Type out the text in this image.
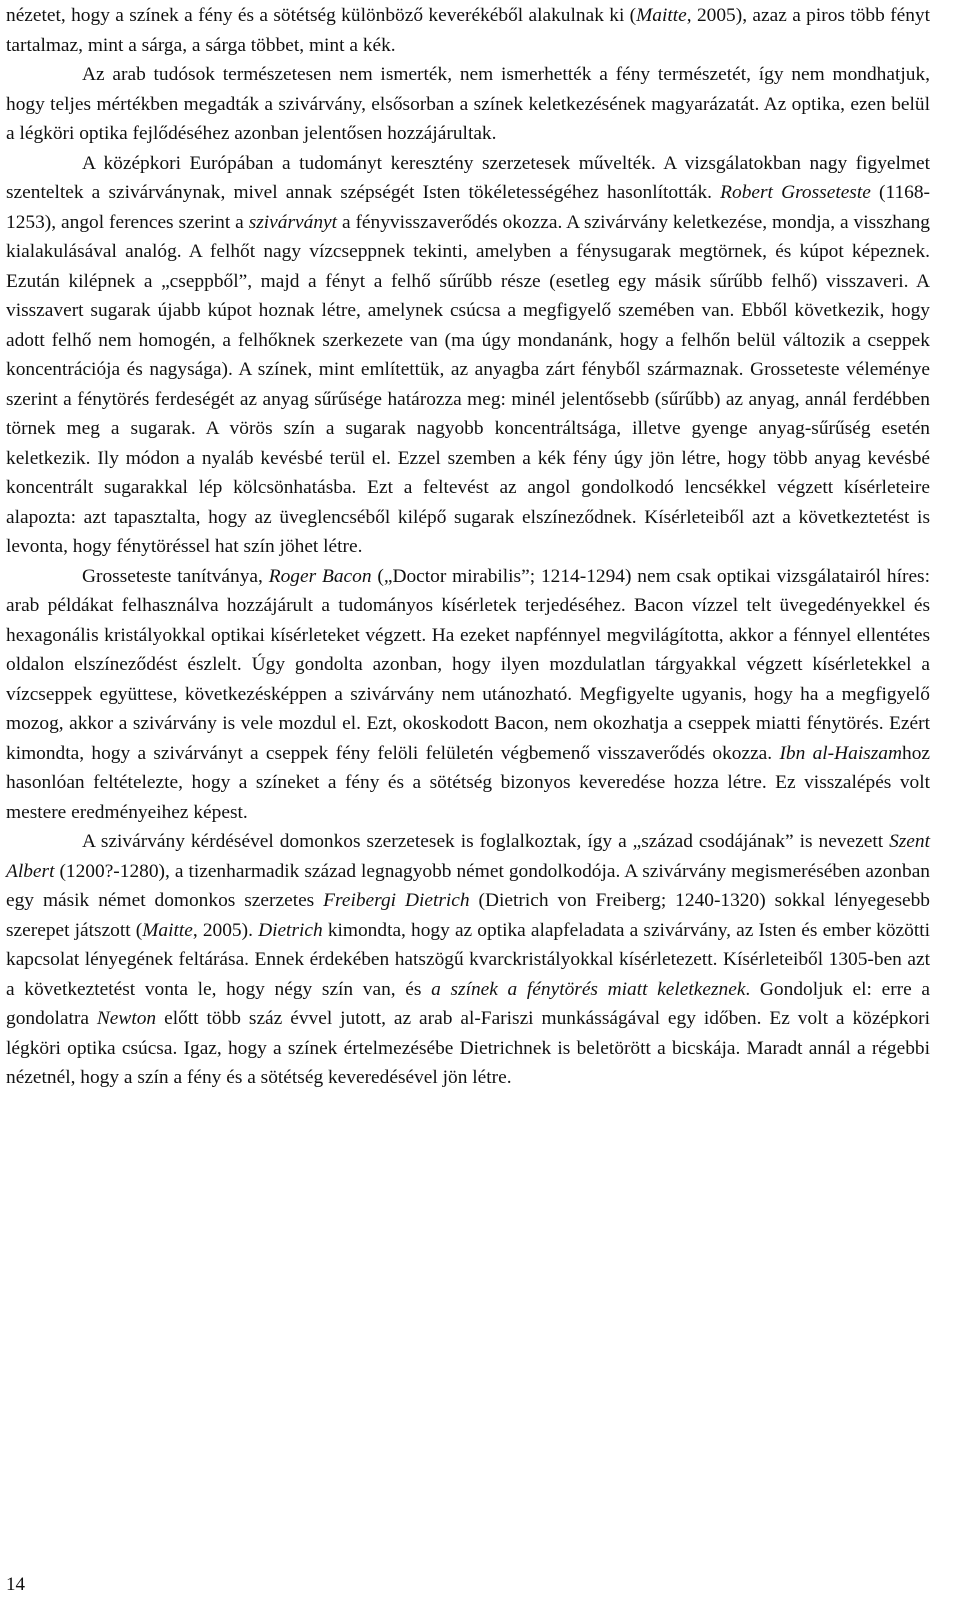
nézetet, hogy a színek a fény és a sötétség különböző keverékéből alakulnak ki (Maitte, 2005), azaz a piros több fényt tartalmaz, mint a sárga, a sárga többet, mint a kék.

Az arab tudósok természetesen nem ismerték, nem ismerhették a fény természetét, így nem mondhatjuk, hogy teljes mértékben megadták a szivárvány, elsősorban a színek keletkezésének magyarázatát. Az optika, ezen belül a légköri optika fejlődéséhez azonban jelentősen hozzájárultak.

A középkori Európában a tudományt keresztény szerzetesek művelték. A vizsgálatokban nagy figyelmet szenteltek a szivárványnak, mivel annak szépségét Isten tökéletességéhez hasonlították. Robert Grosseteste (1168-1253), angol ferences szerint a szivárványt a fényvisszaverődés okozza. A szivárvány keletkezése, mondja, a visszhang kialakulásával analóg. A felhőt nagy vízcseppnek tekinti, amelyben a fénysugarak megtörnek, és kúpot képeznek. Ezután kilépnek a „cseppből”, majd a fényt a felhő sűrűbb része (esetleg egy másik sűrűbb felhő) visszaveri. A visszavert sugarak újabb kúpot hoznak létre, amelynek csúcsa a megfigyelő szemében van. Ebből következik, hogy adott felhő nem homogén, a felhőknek szerkezete van (ma úgy mondanánk, hogy a felhőn belül változik a cseppek koncentrációja és nagysága). A színek, mint említettük, az anyagba zárt fényből származnak. Grosseteste véleménye szerint a fénytörés ferdeségét az anyag sűrűsége határozza meg: minél jelentősebb (sűrűbb) az anyag, annál ferdébben törnek meg a sugarak. A vörös szín a sugarak nagyobb koncentráltsága, illetve gyenge anyag-sűrűség esetén keletkezik. Ily módon a nyaláb kevésbé terül el. Ezzel szemben a kék fény úgy jön létre, hogy több anyag kevésbé koncentrált sugarakkal lép kölcsönhatásba. Ezt a feltevést az angol gondolkodó lencsékkel végzett kísérleteire alapozta: azt tapasztalta, hogy az üveglencséből kilépő sugarak elszíneződnek. Kísérleteiből azt a következtetést is levonta, hogy fénytöréssel hat szín jöhet létre.

Grosseteste tanítványa, Roger Bacon („Doctor mirabilis”; 1214-1294) nem csak optikai vizsgálatairól híres: arab példákat felhasználva hozzájárult a tudományos kísérletek terjedéséhez. Bacon vízzel telt üvegedényekkel és hexagonális kristályokkal optikai kísérleteket végzett. Ha ezeket napfénnyel megvilágította, akkor a fénnyel ellentétes oldalon elszíneződést észlelt. Úgy gondolta azonban, hogy ilyen mozdulatlan tárgyakkal végzett kísérletekkel a vízcseppek együttese, következésképpen a szivárvány nem utánozható. Megfigyelte ugyanis, hogy ha a megfigyelő mozog, akkor a szivárvány is vele mozdul el. Ezt, okoskodott Bacon, nem okozhatja a cseppek miatti fénytörés. Ezért kimondta, hogy a szivárványt a cseppek fény felöli felületén végbemenő visszaverődés okozza. Ibn al-Haiszamhoz hasonlóan feltételezte, hogy a színeket a fény és a sötétség bizonyos keveredése hozza létre. Ez visszalépés volt mestere eredményeihez képest.

A szivárvány kérdésével domonkos szerzetesek is foglalkoztak, így a „század csodájának” is nevezett Szent Albert (1200?-1280), a tizenharmadik század legnagyobb német gondolkodója. A szivárvány megismerésében azonban egy másik német domonkos szerzetes Freibergi Dietrich (Dietrich von Freiberg; 1240-1320) sokkal lényegesebb szerepet játszott (Maitte, 2005). Dietrich kimondta, hogy az optika alapfeladata a szivárvány, az Isten és ember közötti kapcsolat lényegének feltárása. Ennek érdekében hatszögű kvarckristályokkal kísérletezett. Kísérleteiből 1305-ben azt a következtetést vonta le, hogy négy szín van, és a színek a fénytörés miatt keletkeznek. Gondoljuk el: erre a gondolatra Newton előtt több száz évvel jutott, az arab al-Fariszi munkásságával egy időben. Ez volt a középkori légköri optika csúcsa. Igaz, hogy a színek értelmezésébe Dietrichnek is beletörött a bicskája. Maradt annál a régebbi nézetnél, hogy a szín a fény és a sötétség keveredésével jön létre.

14
